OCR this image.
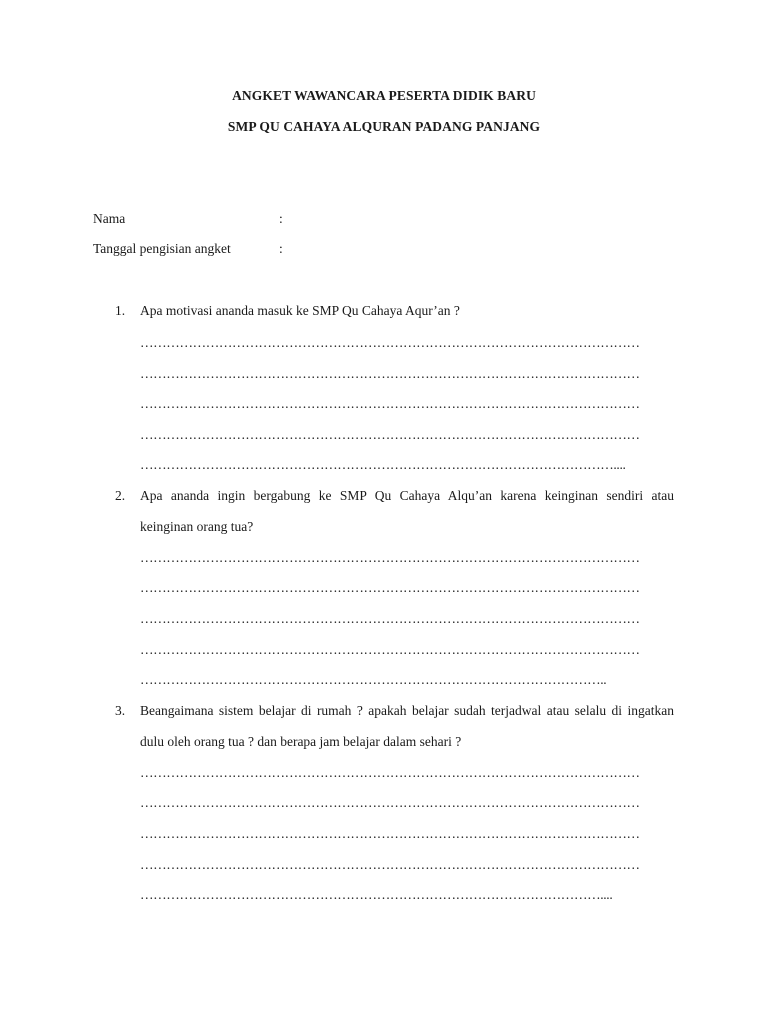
ANGKET WAWANCARA PESERTA DIDIK BARU
SMP QU CAHAYA ALQURAN PADANG PANJANG
Nama	:
Tanggal pengisian angket	:
1.	Apa motivasi ananda masuk ke SMP Qu Cahaya Aqur’an ?
……………………………………………………………………………………………………
……………………………………………………………………………………………………
……………………………………………………………………………………………………
……………………………………………………………………………………………………
………………………………………………………………………………………………....
2.	Apa ananda ingin bergabung ke SMP Qu Cahaya Alqu’an karena keinginan sendiri atau
keinginan orang tua?
……………………………………………………………………………………………………
……………………………………………………………………………………………………
……………………………………………………………………………………………………
……………………………………………………………………………………………………
……………………………………………………………………………………………..
3.	Beangaimana sistem belajar di rumah ? apakah belajar sudah terjadwal atau selalu di ingatkan
dulu oleh orang tua ? dan berapa jam belajar dalam sehari ?
……………………………………………………………………………………………………
……………………………………………………………………………………………………
……………………………………………………………………………………………………
……………………………………………………………………………………………………
……………………………………………………………………………………………....
